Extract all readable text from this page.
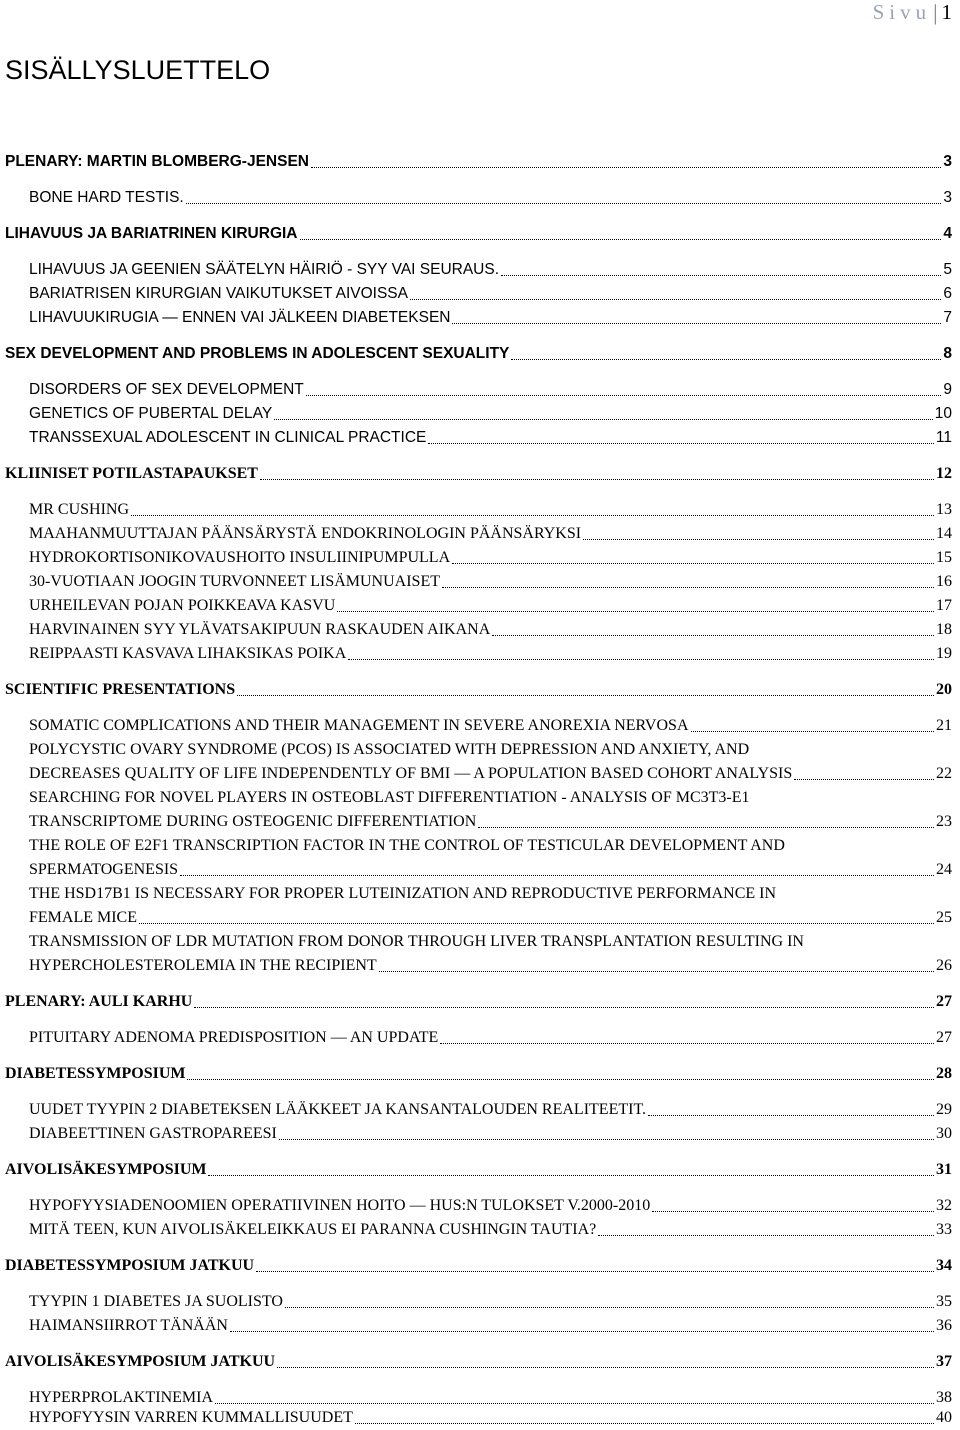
Sivu | 1
SISÄLLYSLUETTELO
PLENARY: MARTIN BLOMBERG-JENSEN	3
BONE HARD TESTIS.	3
LIHAVUUS JA BARIATRINEN KIRURGIA	4
LIHAVUUS JA GEENIEN SÄÄTELYN HÄIRIÖ - SYY VAI SEURAUS.	5
BARIATRISEN KIRURGIAN VAIKUTUKSET AIVOISSA	6
LIHAVUUKIRUGIA — ENNEN VAI JÄLKEEN DIABETEKSEN	7
SEX DEVELOPMENT AND PROBLEMS IN ADOLESCENT SEXUALITY	8
DISORDERS OF SEX DEVELOPMENT	9
GENETICS OF PUBERTAL DELAY	10
TRANSSEXUAL ADOLESCENT IN CLINICAL PRACTICE	11
KLIINISET POTILASTAPAUKSET	12
MR CUSHING	13
MAAHANMUUTTAJAN PÄÄNSÄRYSTÄ ENDOKRINOLOGIN PÄÄNSÄRYKSI	14
HYDROKORTISONIKOVAUSHOITO INSULIINIPUMPULLA	15
30-VUOTIAAN JOOGIN TURVONNEET LISÄMUNUAISET	16
URHEILEVAN POJAN POIKKEAVA KASVU	17
HARVINAINEN SYY YLÄVATSAKIPUUN RASKAUDEN AIKANA	18
REIPPAASTI KASVAVA LIHAKSIKAS POIKA	19
SCIENTIFIC PRESENTATIONS	20
SOMATIC COMPLICATIONS AND THEIR MANAGEMENT IN SEVERE ANOREXIA NERVOSA	21
POLYCYSTIC OVARY SYNDROME (PCOS) IS ASSOCIATED WITH DEPRESSION AND ANXIETY, AND
DECREASES QUALITY OF LIFE INDEPENDENTLY OF BMI — A POPULATION BASED COHORT ANALYSIS	22
SEARCHING FOR NOVEL PLAYERS IN OSTEOBLAST DIFFERENTIATION - ANALYSIS OF MC3T3-E1
TRANSCRIPTOME DURING OSTEOGENIC DIFFERENTIATION	23
THE ROLE OF E2F1 TRANSCRIPTION FACTOR IN THE CONTROL OF TESTICULAR DEVELOPMENT AND
SPERMATOGENESIS	24
THE HSD17B1 IS NECESSARY FOR PROPER LUTEINIZATION AND REPRODUCTIVE PERFORMANCE IN
FEMALE MICE	25
TRANSMISSION OF LDR MUTATION FROM DONOR THROUGH LIVER TRANSPLANTATION RESULTING IN
HYPERCHOLESTEROLEMIA IN THE RECIPIENT	26
PLENARY: AULI KARHU	27
PITUITARY ADENOMA PREDISPOSITION — AN UPDATE	27
DIABETESSYMPOSIUM	28
UUDET TYYPIN 2 DIABETEKSEN LÄÄKKEET JA KANSANTALOUDEN REALITEETIT.	29
DIABEETTINEN GASTROPAREESI	30
AIVOLISÄKESYMPOSIUM	31
HYPOFYYSIADENOOMIEN OPERATIIVINEN HOITO — HUS:N TULOKSET V.2000-2010	32
MITÄ TEEN, KUN AIVOLISÄKELEIKKAUS EI PARANNA CUSHINGIN TAUTIA?	33
DIABETESSYMPOSIUM JATKUU	34
TYYPIN 1 DIABETES JA SUOLISTO	35
HAIMANSIIRROT TÄNÄÄN	36
AIVOLISÄKESYMPOSIUM JATKUU	37
HYPERPROLAKTINEMIA	38
HYPOFYYSIN VARREN KUMMALLISUUDET	40
